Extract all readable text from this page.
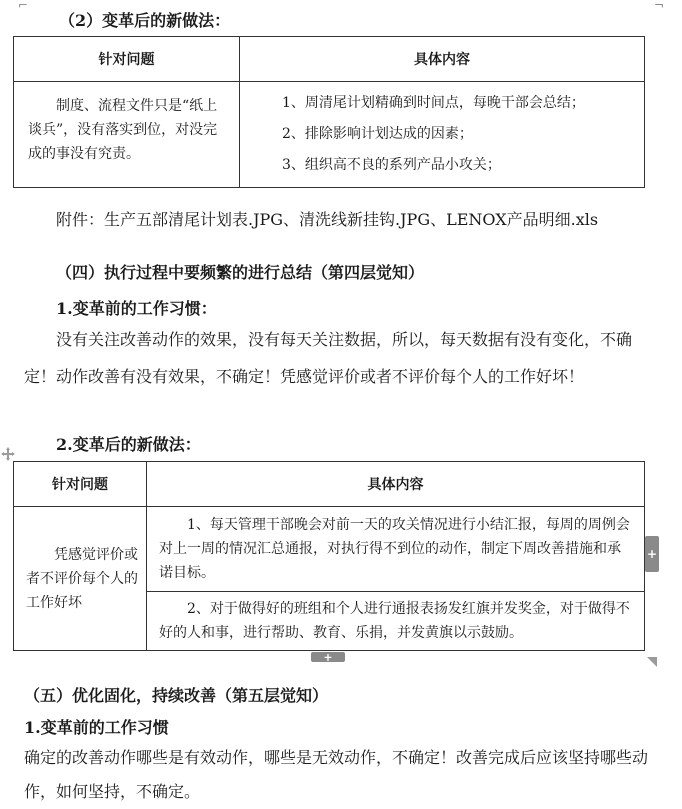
⌐	¬
（2）变革后的新做法：
针对问题	具体内容

　　制度、流程文件只是“纸上谈兵”，没有落实到位，对没完成的事没有究责。	1、周清尾计划精确到时间点，每晚干部会总结；
2、排除影响计划达成的因素；
3、组织高不良的系列产品小攻关；
附件：生产五部清尾计划表.JPG、清洗线新挂钩.JPG、LENOX产品明细.xls
（四）执行过程中要频繁的进行总结（第四层觉知）
1.变革前的工作习惯：
没有关注改善动作的效果，没有每天关注数据，所以，每天数据有没有变化，不确定！动作改善有没有效果，不确定！凭感觉评价或者不评价每个人的工作好坏！
2.变革后的新做法：
针对问题	具体内容

　　凭感觉评价或者不评价每个人的工作好坏	　　1、每天管理干部晚会对前一天的攻关情况进行小结汇报，每周的周例会对上一周的情况汇总通报，对执行得不到位的动作，制定下周改善措施和承诺目标。

	　　2、对于做得好的班组和个人进行通报表扬发红旗并发奖金，对于做得不好的人和事，进行帮助、教育、乐捐，并发黄旗以示鼓励。
+
+
（五）优化固化，持续改善（第五层觉知）
1.变革前的工作习惯
确定的改善动作哪些是有效动作，哪些是无效动作，不确定！改善完成后应该坚持哪些动作，如何坚持，不确定。
